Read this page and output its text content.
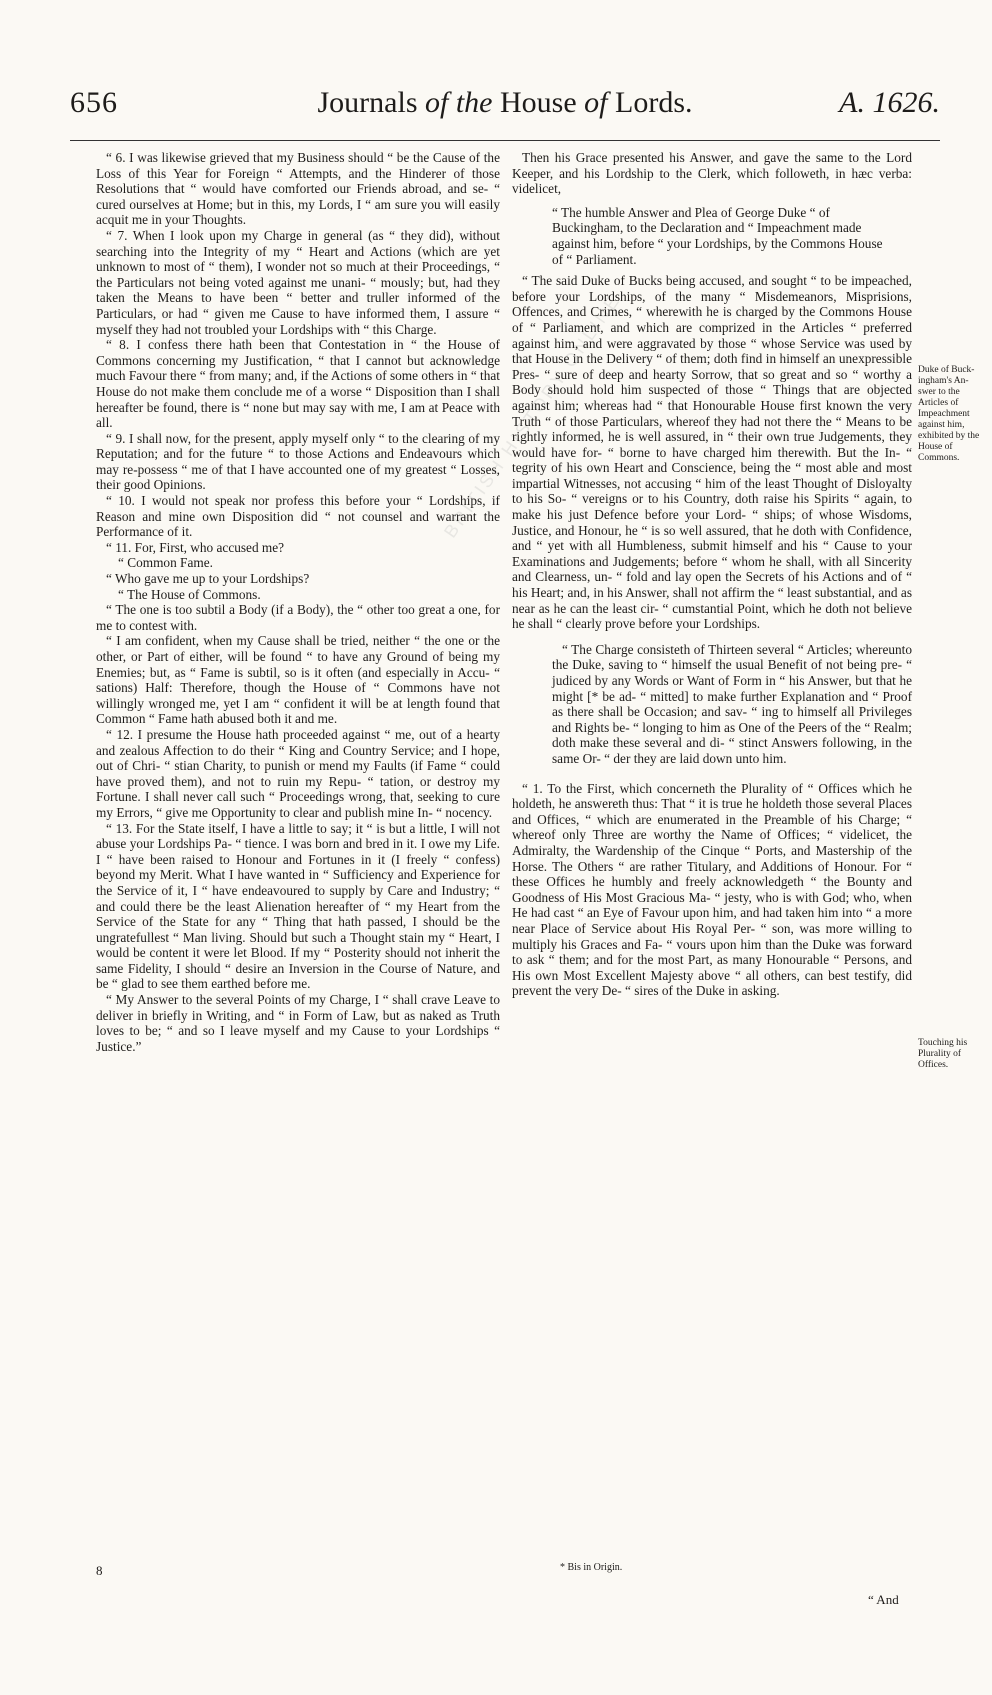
656	Journals of the House of Lords.	A. 1626.
BRITISH HISTORY ONLINE

“ 6. I was likewise grieved that my Business should “ be the Cause of the Loss of this Year for Foreign “ Attempts, and the Hinderer of those Resolutions that “ would have comforted our Friends abroad, and se- “ cured ourselves at Home; but in this, my Lords, I “ am sure you will easily acquit me in your Thoughts.

“ 7. When I look upon my Charge in general (as “ they did), without searching into the Integrity of my “ Heart and Actions (which are yet unknown to most of “ them), I wonder not so much at their Proceedings, “ the Particulars not being voted against me unani- “ mously; but, had they taken the Means to have been “ better and truller informed of the Particulars, or had “ given me Cause to have informed them, I assure “ myself they had not troubled your Lordships with “ this Charge.

“ 8. I confess there hath been that Contestation in “ the House of Commons concerning my Justification, “ that I cannot but acknowledge much Favour there “ from many; and, if the Actions of some others in “ that House do not make them conclude me of a worse “ Disposition than I shall hereafter be found, there is “ none but may say with me, I am at Peace with all.

“ 9. I shall now, for the present, apply myself only “ to the clearing of my Reputation; and for the future “ to those Actions and Endeavours which may re-possess “ me of that I have accounted one of my greatest “ Losses, their good Opinions.

“ 10. I would not speak nor profess this before your “ Lordships, if Reason and mine own Disposition did “ not counsel and warrant the Performance of it.

“ 11. For, First, who accused me?

“ Common Fame.

“ Who gave me up to your Lordships?

“ The House of Commons.

“ The one is too subtil a Body (if a Body), the “ other too great a one, for me to contest with.

“ I am confident, when my Cause shall be tried, neither “ the one or the other, or Part of either, will be found “ to have any Ground of being my Enemies; but, as “ Fame is subtil, so is it often (and especially in Accu- “ sations) Half: Therefore, though the House of “ Commons have not willingly wronged me, yet I am “ confident it will be at length found that Common “ Fame hath abused both it and me.

“ 12. I presume the House hath proceeded against “ me, out of a hearty and zealous Affection to do their “ King and Country Service; and I hope, out of Chri- “ stian Charity, to punish or mend my Faults (if Fame “ could have proved them), and not to ruin my Repu- “ tation, or destroy my Fortune. I shall never call such “ Proceedings wrong, that, seeking to cure my Errors, “ give me Opportunity to clear and publish mine In- “ nocency.

“ 13. For the State itself, I have a little to say; it “ is but a little, I will not abuse your Lordships Pa- “ tience. I was born and bred in it. I owe my Life. I “ have been raised to Honour and Fortunes in it (I freely “ confess) beyond my Merit. What I have wanted in “ Sufficiency and Experience for the Service of it, I “ have endeavoured to supply by Care and Industry; “ and could there be the least Alienation hereafter of “ my Heart from the Service of the State for any “ Thing that hath passed, I should be the ungratefullest “ Man living. Should but such a Thought stain my “ Heart, I would be content it were let Blood. If my “ Posterity should not inherit the same Fidelity, I should “ desire an Inversion in the Course of Nature, and be “ glad to see them earthed before me.

“ My Answer to the several Points of my Charge, I “ shall crave Leave to deliver in briefly in Writing, and “ in Form of Law, but as naked as Truth loves to be; “ and so I leave myself and my Cause to your Lordships “ Justice.”

Then his Grace presented his Answer, and gave the same to the Lord Keeper, and his Lordship to the Clerk, which followeth, in hæc verba: videlicet,

“ The humble Answer and Plea of George Duke “ of Buckingham, to the Declaration and “ Impeachment made against him, before “ your Lordships, by the Commons House of “ Parliament.

“ The said Duke of Bucks being accused, and sought “ to be impeached, before your Lordships, of the many “ Misdemeanors, Misprisions, Offences, and Crimes, “ wherewith he is charged by the Commons House of “ Parliament, and which are comprized in the Articles “ preferred against him, and were aggravated by those “ whose Service was used by that House in the Delivery “ of them; doth find in himself an unexpressible Pres- “ sure of deep and hearty Sorrow, that so great and so “ worthy a Body should hold him suspected of those “ Things that are objected against him; whereas had “ that Honourable House first known the very Truth “ of those Particulars, whereof they had not there the “ Means to be rightly informed, he is well assured, in “ their own true Judgements, they would have for- “ borne to have charged him therewith. But the In- “ tegrity of his own Heart and Conscience, being the “ most able and most impartial Witnesses, not accusing “ him of the least Thought of Disloyalty to his So- “ vereigns or to his Country, doth raise his Spirits “ again, to make his just Defence before your Lord- “ ships; of whose Wisdoms, Justice, and Honour, he “ is so well assured, that he doth with Confidence, and “ yet with all Humbleness, submit himself and his “ Cause to your Examinations and Judgements; before “ whom he shall, with all Sincerity and Clearness, un- “ fold and lay open the Secrets of his Actions and of “ his Heart; and, in his Answer, shall not affirm the “ least substantial, and as near as he can the least cir- “ cumstantial Point, which he doth not believe he shall “ clearly prove before your Lordships.

“ The Charge consisteth of Thirteen several “ Articles; whereunto the Duke, saving to “ himself the usual Benefit of not being pre- “ judiced by any Words or Want of Form in “ his Answer, but that he might [* be ad- “ mitted] to make further Explanation and “ Proof as there shall be Occasion; and sav- “ ing to himself all Privileges and Rights be- “ longing to him as One of the Peers of the “ Realm; doth make these several and di- “ stinct Answers following, in the same Or- “ der they are laid down unto him.

“ 1. To the First, which concerneth the Plurality of “ Offices which he holdeth, he answereth thus: That “ it is true he holdeth those several Places and Offices, “ which are enumerated in the Preamble of his Charge; “ whereof only Three are worthy the Name of Offices; “ videlicet, the Admiralty, the Wardenship of the Cinque “ Ports, and Mastership of the Horse. The Others “ are rather Titulary, and Additions of Honour. For “ these Offices he humbly and freely acknowledgeth “ the Bounty and Goodness of His Most Gracious Ma- “ jesty, who is with God; who, when He had cast “ an Eye of Favour upon him, and had taken him into “ a more near Place of Service about His Royal Per- “ son, was more willing to multiply his Graces and Fa- “ vours upon him than the Duke was forward to ask “ them; and for the most Part, as many Honourable “ Persons, and His own Most Excellent Majesty above “ all others, can best testify, did prevent the very De- “ sires of the Duke in asking.

Duke of Buck- ingham's An- swer to the Articles of Impeachment against him, exhibited by the House of Commons.
Touching his Plurality of Offices.
8	* Bis in Origin.
“ And
